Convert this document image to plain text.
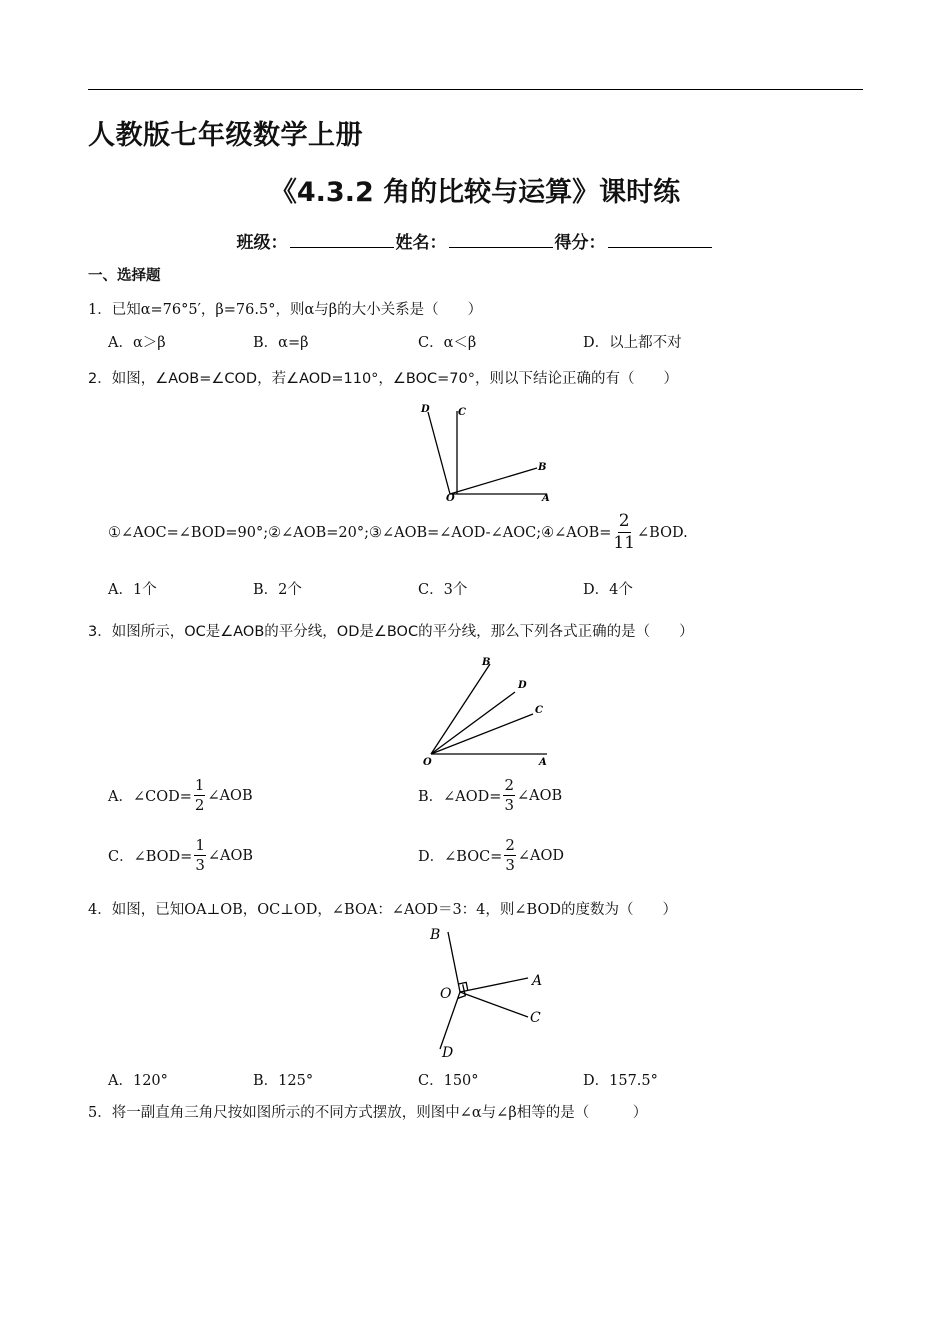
人教版七年级数学上册
《4.3.2 角的比较与运算》课时练
班级：	姓名：	得分：
一、选择题
1．已知α=76°5′，β=76.5°，则α与β的大小关系是（　　）
A．α＞β	B．α=β	C．α＜β	D．以上都不对
2．如图，∠AOB=∠COD，若∠AOD=110°，∠BOC=70°，则以下结论正确的有（　　）
D	C
B
O	A
①∠AOC=∠BOD=90°;②∠AOB=20°;③∠AOB=∠AOD-∠AOC;④∠AOB= $\frac{2}{11}$ ∠BOD.
A．1个	B．2个	C．3个	D．4个
3．如图所示，OC是∠AOB的平分线，OD是∠BOC的平分线，那么下列各式正确的是（　　）
B
D
C
O	A
A．∠COD= $\frac{1}{2}$ ∠AOB	B．∠AOD= $\frac{2}{3}$ ∠AOB
C．∠BOD= $\frac{1}{3}$ ∠AOB	D．∠BOC= $\frac{2}{3}$ ∠AOD
4．如图，已知OA⊥OB，OC⊥OD，∠BOA：∠AOD＝3：4，则∠BOD的度数为（　　）
B
A
O
C
D
A．120°	B．125°	C．150°	D．157.5°
5．将一副直角三角尺按如图所示的不同方式摆放，则图中∠α与∠β相等的是（　　　）
